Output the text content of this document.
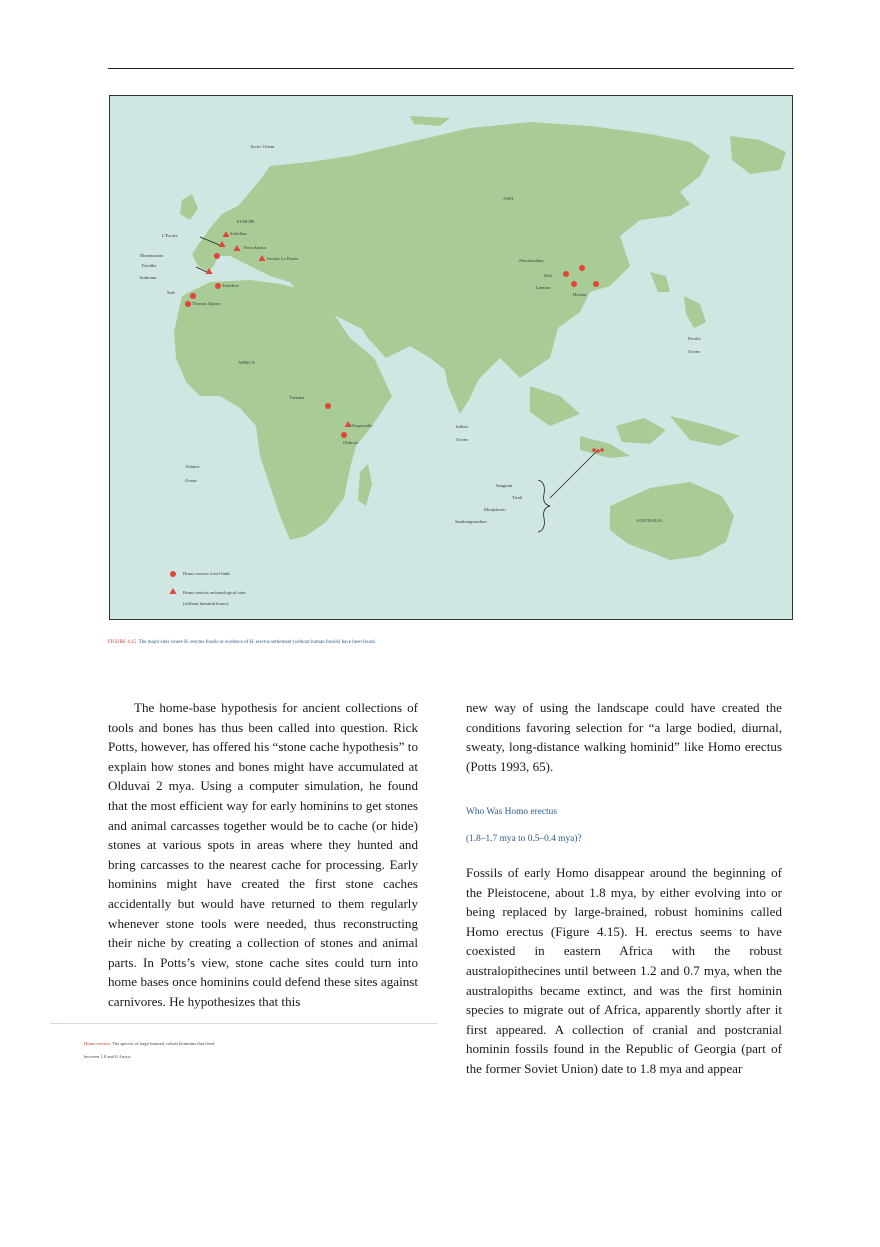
Arctic Ocean
ASIA
EUROPE
L'Escale	Soleilhac
Terra Amata
Isernia La Pineta
Montmaurin
Terralba
Ambrona
Ternifine
Sale
Thomas Quarry
Zhoukoudian
Dali
Lantian
Hexian
Pacific
Ocean
AFRICA
Turkana
Olorgesailie
Olduvai
Indian
Ocean
Atlantic
Ocean
Sangiran
Trinil
Modjokerto
Sambungmachan	AUSTRALIA
Homo erectus fossil finds
Homo erectus archaeological sites
(without hominid bones)
FIGURE 4.15 The major sites where H. erectus fossils or evidence of H. erectus settlement (without human fossils) have been found.

The home-base hypothesis for ancient collections of tools and bones has thus been called into question. Rick Potts, however, has offered his “stone cache hypothesis” to explain how stones and bones might have accumulated at Olduvai 2 mya. Using a computer simulation, he found that the most efficient way for early hominins to get stones and animal carcasses together would be to cache (or hide) stones at various spots in areas where they hunted and bring carcasses to the nearest cache for processing. Early hominins might have created the first stone caches accidentally but would have returned to them regularly whenever stone tools were needed, thus reconstructing their niche by creating a collection of stones and animal parts. In Potts’s view, stone cache sites could turn into home bases once hominins could defend these sites against carnivores. He hypothesizes that this

new way of using the landscape could have created the conditions favoring selection for “a large bodied, diurnal, sweaty, long-distance walking hominid” like Homo erectus (Potts 1993, 65).

Who Was Homo erectus
(1.8–1.7 mya to 0.5–0.4 mya)?

Fossils of early Homo disappear around the beginning of the Pleistocene, about 1.8 mya, by either evolving into or being replaced by large-brained, robust hominins called Homo erectus (Figure 4.15). H. erectus seems to have coexisted in eastern Africa with the robust australopithecines until between 1.2 and 0.7 mya, when the australopiths became extinct, and was the first hominin species to migrate out of Africa, apparently shortly after it first appeared. A collection of cranial and postcranial hominin fossils found in the Republic of Georgia (part of the former Soviet Union) date to 1.8 mya and appear

Homo erectus: The species of large-brained, robust hominins that lived
between 1.8 and 0.4 mya.
